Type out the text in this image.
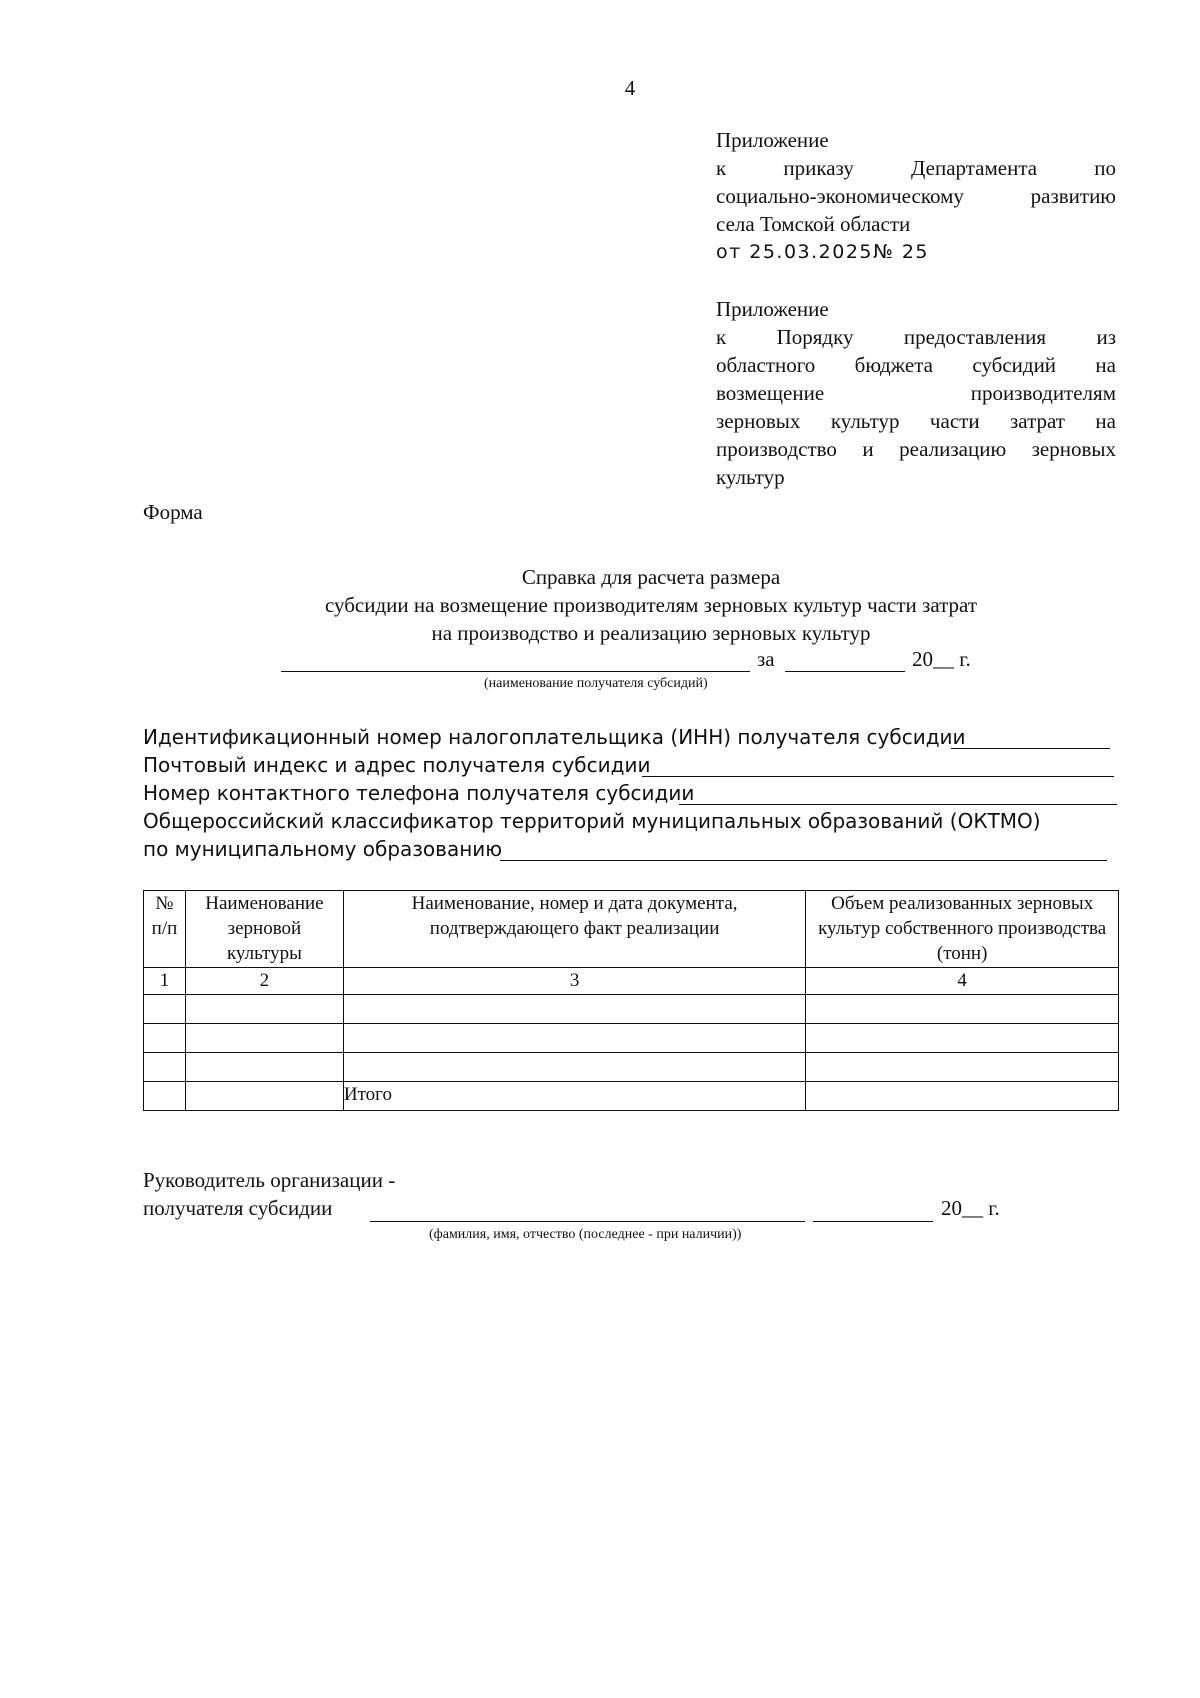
4
Приложение
к приказу Департамента по
социально-экономическому развитию
села Томской области
от 25.03.2025№ 25
Приложение
к Порядку предоставления из
областного бюджета субсидий на
возмещение производителям
зерновых культур части затрат на
производство и реализацию зерновых
культур
Форма
Справка для расчета размера
субсидии на возмещение производителям зерновых культур части затрат
на производство и реализацию зерновых культур
за	20__ г.
(наименование получателя субсидий)
Идентификационный номер налогоплательщика (ИНН) получателя субсидии
Почтовый индекс и адрес получателя субсидии
Номер контактного телефона получателя субсидии
Общероссийский классификатор территорий муниципальных образований (ОКТМО)
по муниципальному образованию
№ п/п	Наименование зерновой культуры	Наименование, номер и дата документа, подтверждающего факт реализации	Объем реализованных зерновых культур собственного производства (тонн)
1	2	3	4

		Итого	
Руководитель организации -
получателя субсидии	20__ г.
(фамилия, имя, отчество (последнее - при наличии))
